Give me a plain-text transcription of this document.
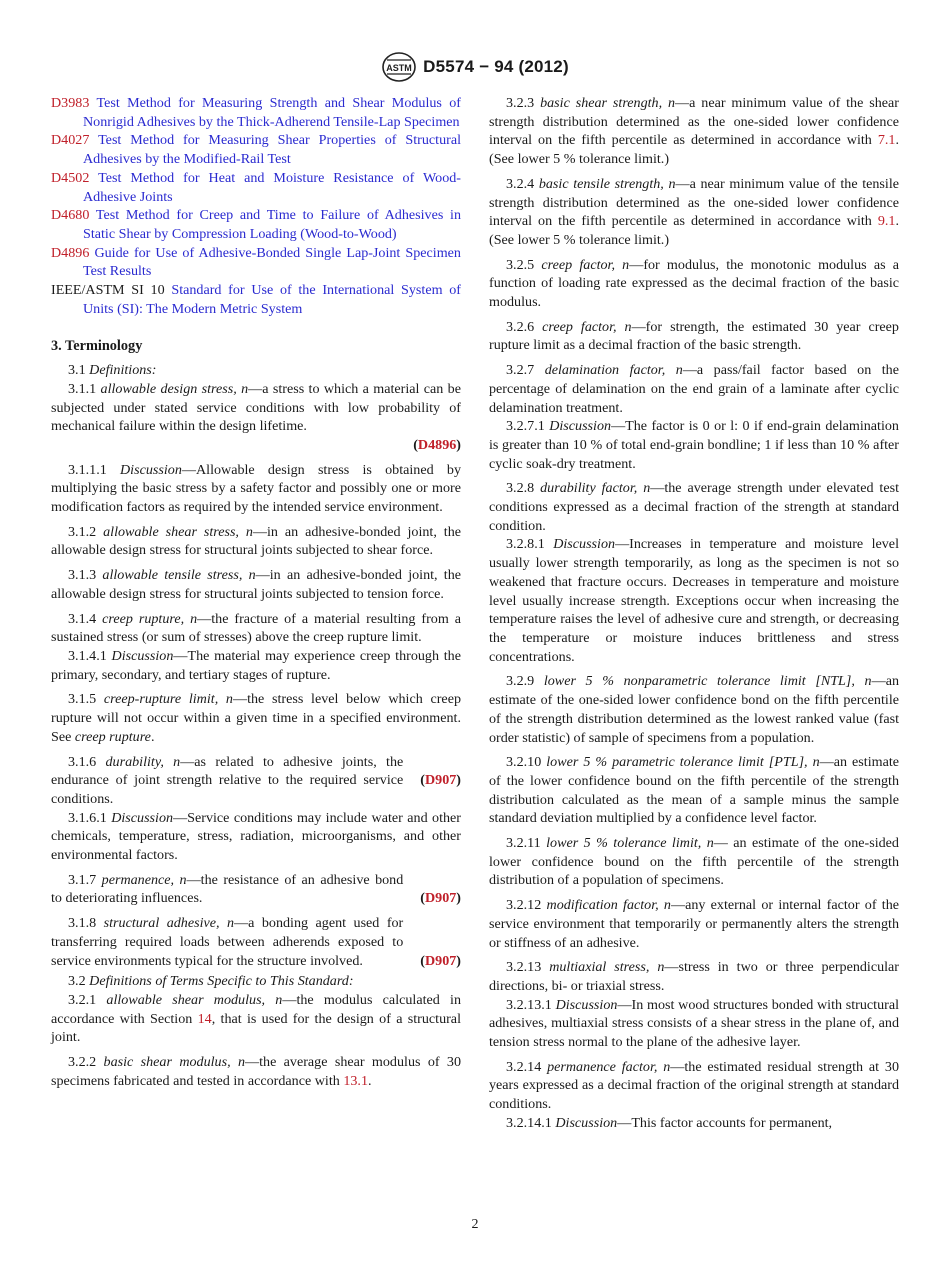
ASTM D5574 − 94 (2012)
D3983 Test Method for Measuring Strength and Shear Modulus of Nonrigid Adhesives by the Thick-Adherend Tensile-Lap Specimen
D4027 Test Method for Measuring Shear Properties of Structural Adhesives by the Modified-Rail Test
D4502 Test Method for Heat and Moisture Resistance of Wood-Adhesive Joints
D4680 Test Method for Creep and Time to Failure of Adhesives in Static Shear by Compression Loading (Wood-to-Wood)
D4896 Guide for Use of Adhesive-Bonded Single Lap-Joint Specimen Test Results
IEEE/ASTM SI 10 Standard for Use of the International System of Units (SI): The Modern Metric System
3. Terminology
3.1 Definitions:
3.1.1 allowable design stress, n—a stress to which a material can be subjected under stated service conditions with low probability of mechanical failure within the design lifetime.
(D4896)
3.1.1.1 Discussion—Allowable design stress is obtained by multiplying the basic stress by a safety factor and possibly one or more modification factors as required by the intended service environment.
3.1.2 allowable shear stress, n—in an adhesive-bonded joint, the allowable design stress for structural joints subjected to shear force.
3.1.3 allowable tensile stress, n—in an adhesive-bonded joint, the allowable design stress for structural joints subjected to tension force.
3.1.4 creep rupture, n—the fracture of a material resulting from a sustained stress (or sum of stresses) above the creep rupture limit.
3.1.4.1 Discussion—The material may experience creep through the primary, secondary, and tertiary stages of rupture.
3.1.5 creep-rupture limit, n—the stress level below which creep rupture will not occur within a given time in a specified environment. See creep rupture.
(D907)
3.1.6 durability, n—as related to adhesive joints, the endurance of joint strength relative to the required service conditions.
3.1.6.1 Discussion—Service conditions may include water and other chemicals, temperature, stress, radiation, microorganisms, and other environmental factors.
(D907)
3.1.7 permanence, n—the resistance of an adhesive bond to deteriorating influences.
(D907)
3.1.8 structural adhesive, n—a bonding agent used for transferring required loads between adherends exposed to service environments typical for the structure involved.
3.2 Definitions of Terms Specific to This Standard:
3.2.1 allowable shear modulus, n—the modulus calculated in accordance with Section 14, that is used for the design of a structural joint.
3.2.2 basic shear modulus, n—the average shear modulus of 30 specimens fabricated and tested in accordance with 13.1.
3.2.3 basic shear strength, n—a near minimum value of the shear strength distribution determined as the one-sided lower confidence interval on the fifth percentile as determined in accordance with 7.1. (See lower 5 % tolerance limit.)
3.2.4 basic tensile strength, n—a near minimum value of the tensile strength distribution determined as the one-sided lower confidence interval on the fifth percentile as determined in accordance with 9.1. (See lower 5 % tolerance limit.)
3.2.5 creep factor, n—for modulus, the monotonic modulus as a function of loading rate expressed as the decimal fraction of the basic modulus.
3.2.6 creep factor, n—for strength, the estimated 30 year creep rupture limit as a decimal fraction of the basic strength.
3.2.7 delamination factor, n—a pass/fail factor based on the percentage of delamination on the end grain of a laminate after cyclic delamination treatment.
3.2.7.1 Discussion—The factor is 0 or l: 0 if end-grain delamination is greater than 10 % of total end-grain bondline; 1 if less than 10 % after cyclic soak-dry treatment.
3.2.8 durability factor, n—the average strength under elevated test conditions expressed as a decimal fraction of the strength at standard condition.
3.2.8.1 Discussion—Increases in temperature and moisture level usually lower strength temporarily, as long as the specimen is not so weakened that fracture occurs. Decreases in temperature and moisture level usually increase strength. Exceptions occur when increasing the temperature raises the level of adhesive cure and strength, or decreasing the temperature or moisture induces brittleness and stress concentrations.
3.2.9 lower 5 % nonparametric tolerance limit [NTL], n—an estimate of the one-sided lower confidence bond on the fifth percentile of the strength distribution determined as the lowest ranked value (fast order statistic) of sample of specimens from a population.
3.2.10 lower 5 % parametric tolerance limit [PTL], n—an estimate of the lower confidence bound on the fifth percentile of the strength distribution calculated as the mean of a sample minus the sample standard deviation multiplied by a confidence level factor.
3.2.11 lower 5 % tolerance limit, n— an estimate of the one-sided lower confidence bound on the fifth percentile of the strength distribution of a population of specimens.
3.2.12 modification factor, n—any external or internal factor of the service environment that temporarily or permanently alters the strength or stiffness of an adhesive.
3.2.13 multiaxial stress, n—stress in two or three perpendicular directions, bi- or triaxial stress.
3.2.13.1 Discussion—In most wood structures bonded with structural adhesives, multiaxial stress consists of a shear stress in the plane of, and tension stress normal to the plane of the adhesive layer.
3.2.14 permanence factor, n—the estimated residual strength at 30 years expressed as a decimal fraction of the original strength at standard conditions.
3.2.14.1 Discussion—This factor accounts for permanent,
2
